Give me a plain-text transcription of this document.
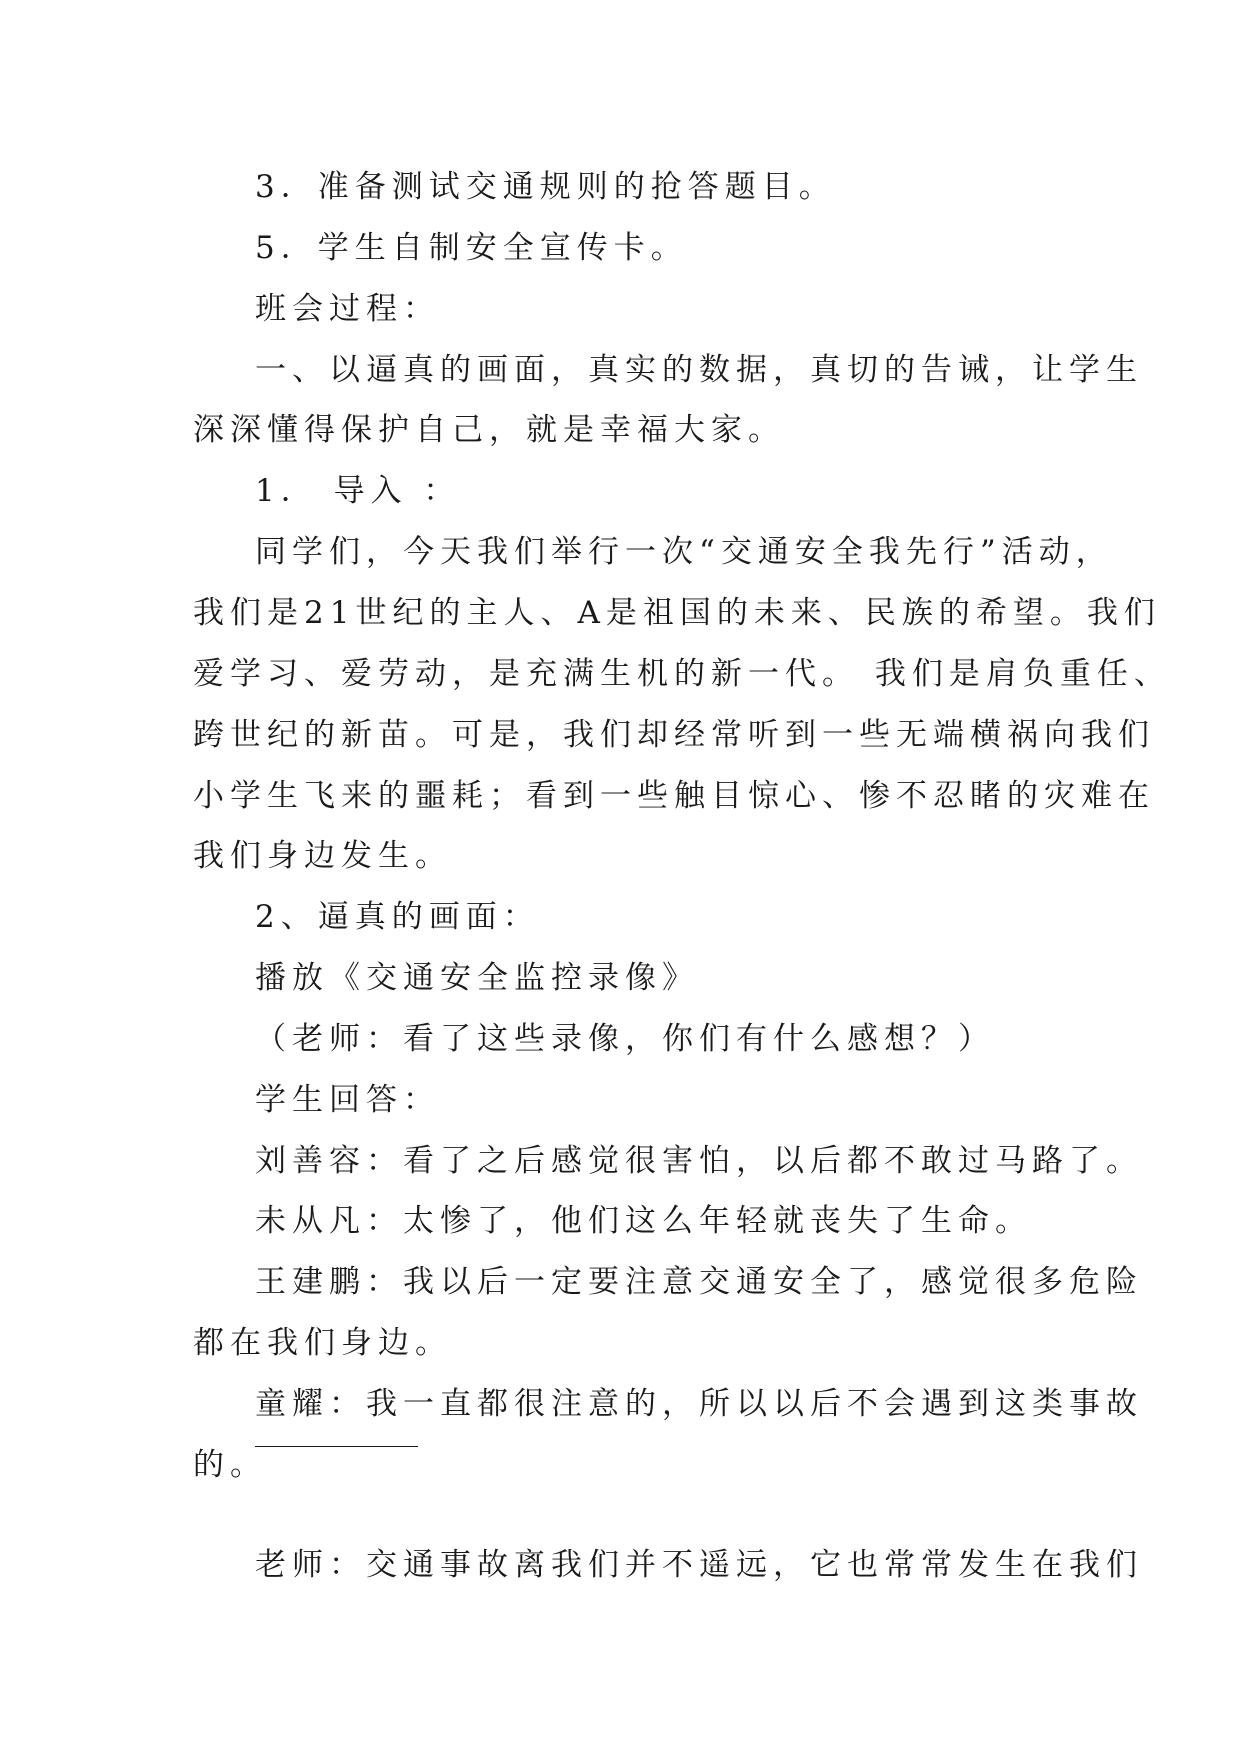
3．准备测试交通规则的抢答题目。

5．学生自制安全宣传卡。

班会过程：

一、以逼真的画面，真实的数据，真切的告诫，让学生

深深懂得保护自己，就是幸福大家。

1． 导入 ：

同学们，今天我们举行一次“交通安全我先行”活动，

我们是21世纪的主人、A是祖国的未来、民族的希望。我们

爱学习、爱劳动，是充满生机的新一代。 我们是肩负重任、

跨世纪的新苗。可是，我们却经常听到一些无端横祸向我们

小学生飞来的噩耗；看到一些触目惊心、惨不忍睹的灾难在

我们身边发生。

2、逼真的画面：

播放《交通安全监控录像》

（老师：看了这些录像，你们有什么感想？）

学生回答：

刘善容：看了之后感觉很害怕，以后都不敢过马路了。

未从凡：太惨了，他们这么年轻就丧失了生命。

王建鹏：我以后一定要注意交通安全了，感觉很多危险

都在我们身边。

童耀：我一直都很注意的，所以以后不会遇到这类事故

的。

老师：交通事故离我们并不遥远，它也常常发生在我们
